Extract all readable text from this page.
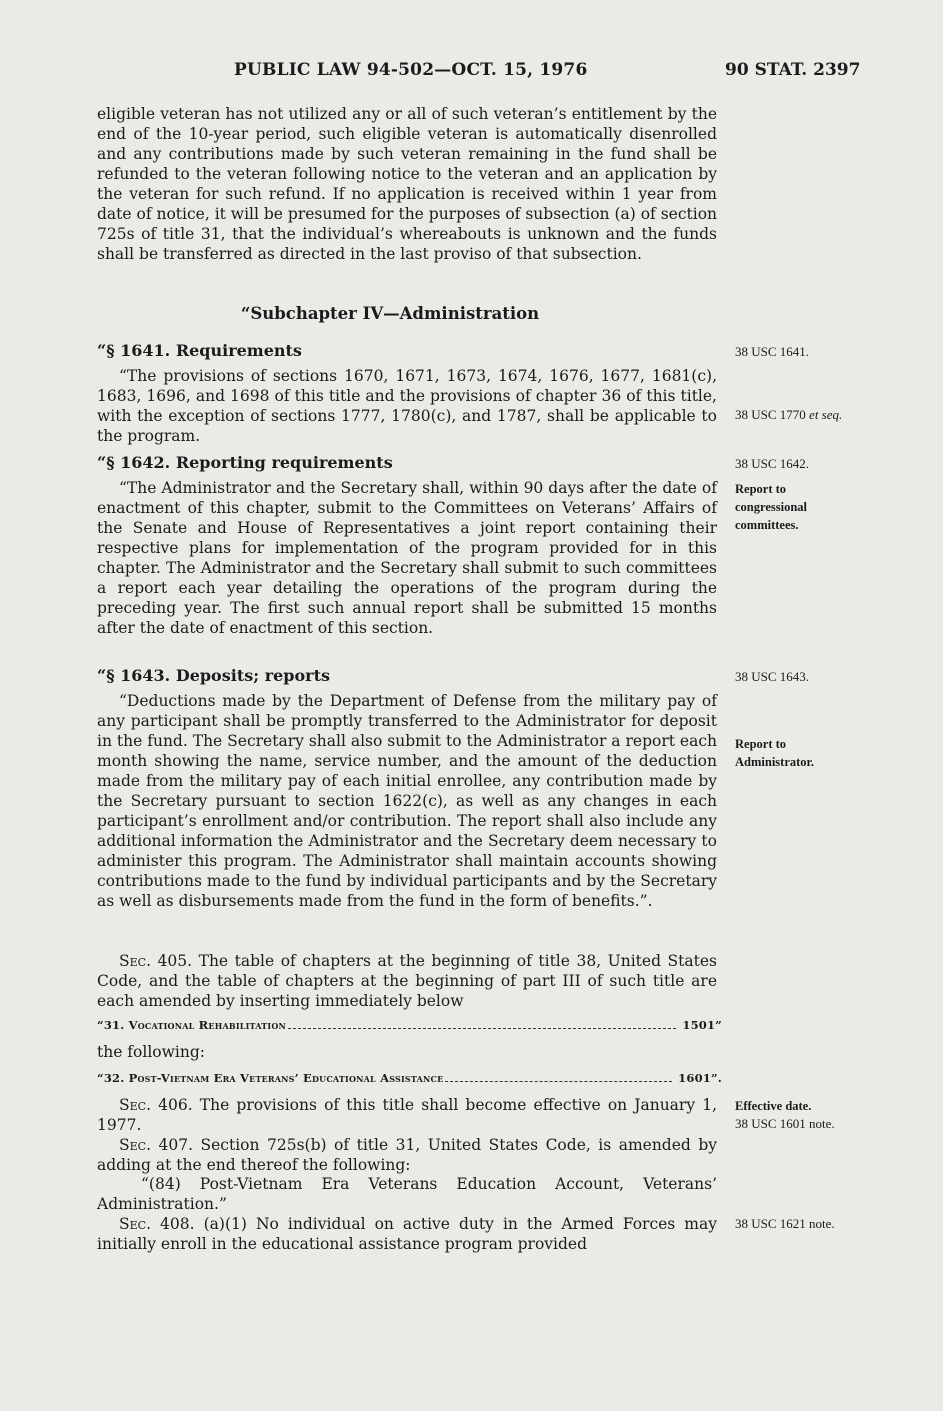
PUBLIC LAW 94-502—OCT. 15, 1976	90 STAT. 2397
eligible veteran has not utilized any or all of such veteran’s entitlement by the end of the 10-year period, such eligible veteran is automatically disenrolled and any contributions made by such veteran remaining in the fund shall be refunded to the veteran following notice to the veteran and an application by the veteran for such refund. If no application is received within 1 year from date of notice, it will be presumed for the purposes of subsection (a) of section 725s of title 31, that the individual’s whereabouts is unknown and the funds shall be transferred as directed in the last proviso of that subsection.
“Subchapter IV—Administration
“§ 1641. Requirements
“The provisions of sections 1670, 1671, 1673, 1674, 1676, 1677, 1681(c), 1683, 1696, and 1698 of this title and the provisions of chapter 36 of this title, with the exception of sections 1777, 1780(c), and 1787, shall be applicable to the program.
“§ 1642. Reporting requirements
“The Administrator and the Secretary shall, within 90 days after the date of enactment of this chapter, submit to the Committees on Veterans’ Affairs of the Senate and House of Representatives a joint report containing their respective plans for implementation of the program provided for in this chapter. The Administrator and the Secretary shall submit to such committees a report each year detailing the operations of the program during the preceding year. The first such annual report shall be submitted 15 months after the date of enactment of this section.
“§ 1643. Deposits; reports
“Deductions made by the Department of Defense from the military pay of any participant shall be promptly transferred to the Administrator for deposit in the fund. The Secretary shall also submit to the Administrator a report each month showing the name, service number, and the amount of the deduction made from the military pay of each initial enrollee, any contribution made by the Secretary pursuant to section 1622(c), as well as any changes in each participant’s enrollment and/or contribution. The report shall also include any additional information the Administrator and the Secretary deem necessary to administer this program. The Administrator shall maintain accounts showing contributions made to the fund by individual participants and by the Secretary as well as disbursements made from the fund in the form of benefits.”.
Sec. 405. The table of chapters at the beginning of title 38, United States Code, and the table of chapters at the beginning of part III of such title are each amended by inserting immediately below
“31. Vocational Rehabilitation	1501”
the following:
“32. Post-Vietnam Era Veterans’ Educational Assistance	1601”.
Sec. 406. The provisions of this title shall become effective on January 1, 1977.
Sec. 407. Section 725s(b) of title 31, United States Code, is amended by adding at the end thereof the following:
“(84) Post-Vietnam Era Veterans Education Account, Veterans’ Administration.”
Sec. 408. (a)(1) No individual on active duty in the Armed Forces may initially enroll in the educational assistance program provided
38 USC 1641.
38 USC 1770 et seq.
38 USC 1642.
Report to congressional committees.
38 USC 1643.
Report to Administrator.
Effective date.
38 USC 1601 note.
38 USC 1621 note.
